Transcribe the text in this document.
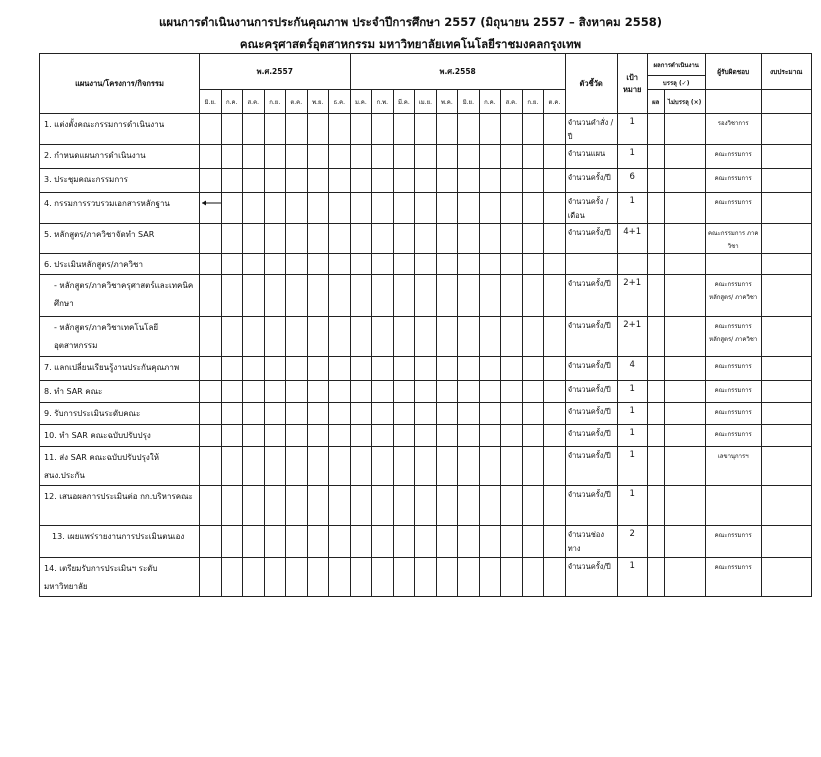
แผนการดำเนินงานการประกันคุณภาพ ประจำปีการศึกษา 2557 (มิถุนายน 2557 – สิงหาคม 2558)
คณะครุศาสตร์อุตสาหกรรม มหาวิทยาลัยเทคโนโลยีราชมงคลกรุงเทพ
แผนงาน/โครงการ/กิจกรรม	พ.ศ.2557							พ.ศ.2558										ตัวชี้วัด	เป้าหมาย	ผลการดำเนินงาน		ผู้รับผิดชอบ	งบประมาณ
																				บรรลุ (✓)			
	มิ.ย.	ก.ค.	ส.ค.	ก.ย.	ต.ค.	พ.ย.	ธ.ค.	ม.ค.	ก.พ.	มี.ค.	เม.ย.	พ.ค.	มิ.ย.	ก.ค.	ส.ค.	ก.ย.	ต.ค.			ผล	ไม่บรรลุ (×)		
1. แต่งตั้งคณะกรรมการดำเนินงาน																		จำนวนคำสั่ง / ปี	1			รองวิชาการ	
2. กำหนดแผนการดำเนินงาน																		จำนวนแผน	1			คณะกรรมการ	
3. ประชุมคณะกรรมการ																		จำนวนครั้ง/ปี	6			คณะกรรมการ	
4. กรรมการรวบรวมเอกสารหลักฐาน																		จำนวนครั้ง / เดือน	1			คณะกรรมการ	
5. หลักสูตร/ภาควิชาจัดทำ SAR																		จำนวนครั้ง/ปี	4+1			คณะกรรมการ ภาควิชา	
6. ประเมินหลักสูตร/ภาควิชา																							
- หลักสูตร/ภาควิชาครุศาสตร์และเทคนิคศึกษา																		จำนวนครั้ง/ปี	2+1			คณะกรรมการ หลักสูตร/ ภาควิชา	
- หลักสูตร/ภาควิชาเทคโนโลยีอุตสาหกรรม																		จำนวนครั้ง/ปี	2+1			คณะกรรมการ หลักสูตร/ ภาควิชา	
7. แลกเปลี่ยนเรียนรู้งานประกันคุณภาพ																		จำนวนครั้ง/ปี	4			คณะกรรมการ	
8. ทำ SAR คณะ																		จำนวนครั้ง/ปี	1			คณะกรรมการ	
9. รับการประเมินระดับคณะ																		จำนวนครั้ง/ปี	1			คณะกรรมการ	
10. ทำ SAR คณะฉบับปรับปรุง																		จำนวนครั้ง/ปี	1			คณะกรรมการ	
11. ส่ง SAR คณะฉบับปรับปรุงให้ สนง.ประกัน																		จำนวนครั้ง/ปี	1			เลขานุการฯ	
12. เสนอผลการประเมินต่อ กก.บริหารคณะ																		จำนวนครั้ง/ปี	1				
13. เผยแพร่รายงานการประเมินตนเอง																		จำนวนช่องทาง	2			คณะกรรมการ	
14. เตรียมรับการประเมินฯ ระดับมหาวิทยาลัย																		จำนวนครั้ง/ปี	1			คณะกรรมการ	
